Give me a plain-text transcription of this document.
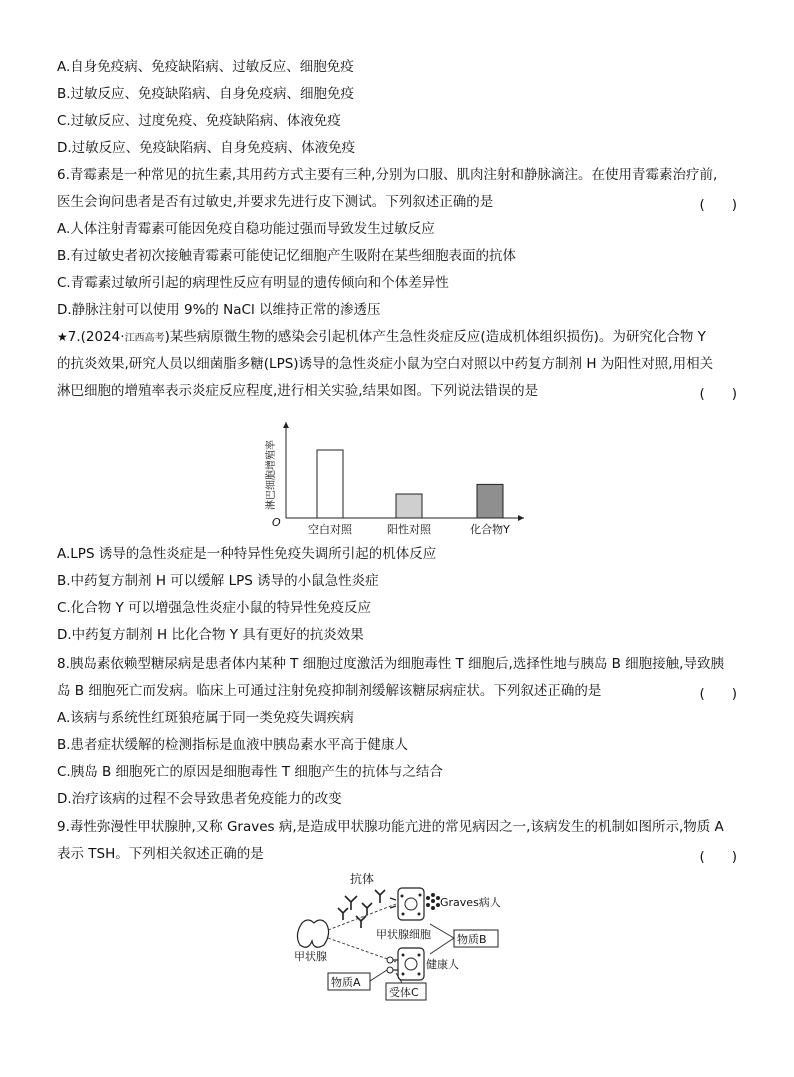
A.自身免疫病、免疫缺陷病、过敏反应、细胞免疫
B.过敏反应、免疫缺陷病、自身免疫病、细胞免疫
C.过敏反应、过度免疫、免疫缺陷病、体液免疫
D.过敏反应、免疫缺陷病、自身免疫病、体液免疫
6.青霉素是一种常见的抗生素,其用药方式主要有三种,分别为口服、肌肉注射和静脉滴注。在使用青霉素治疗前,
医生会询问患者是否有过敏史,并要求先进行皮下测试。下列叙述正确的是	(　　)
A.人体注射青霉素可能因免疫自稳功能过强而导致发生过敏反应
B.有过敏史者初次接触青霉素可能使记忆细胞产生吸附在某些细胞表面的抗体
C.青霉素过敏所引起的病理性反应有明显的遗传倾向和个体差异性
D.静脉注射可以使用 9%的 NaCl 以维持正常的渗透压
★7.(2024·江西高考)某些病原微生物的感染会引起机体产生急性炎症反应(造成机体组织损伤)。为研究化合物 Y
的抗炎效果,研究人员以细菌脂多糖(LPS)诱导的急性炎症小鼠为空白对照以中药复方制剂 H 为阳性对照,用相关
淋巴细胞的增殖率表示炎症反应程度,进行相关实验,结果如图。下列说法错误的是	(　　)
O
淋巴细胞增殖率
空白对照	阳性对照	化合物Y
A.LPS 诱导的急性炎症是一种特异性免疫失调所引起的机体反应
B.中药复方制剂 H 可以缓解 LPS 诱导的小鼠急性炎症
C.化合物 Y 可以增强急性炎症小鼠的特异性免疫反应
D.中药复方制剂 H 比化合物 Y 具有更好的抗炎效果
8.胰岛素依赖型糖尿病是患者体内某种 T 细胞过度激活为细胞毒性 T 细胞后,选择性地与胰岛 B 细胞接触,导致胰
岛 B 细胞死亡而发病。临床上可通过注射免疫抑制剂缓解该糖尿病症状。下列叙述正确的是	(　　)
A.该病与系统性红斑狼疮属于同一类免疫失调疾病
B.患者症状缓解的检测指标是血液中胰岛素水平高于健康人
C.胰岛 B 细胞死亡的原因是细胞毒性 T 细胞产生的抗体与之结合
D.治疗该病的过程不会导致患者免疫能力的改变
9.毒性弥漫性甲状腺肿,又称 Graves 病,是造成甲状腺功能亢进的常见病因之一,该病发生的机制如图所示,物质 A
表示 TSH。下列相关叙述正确的是	(　　)
抗体
Graves病人
甲状腺细胞 物质B
甲状腺
健康人
物质A
受体C
